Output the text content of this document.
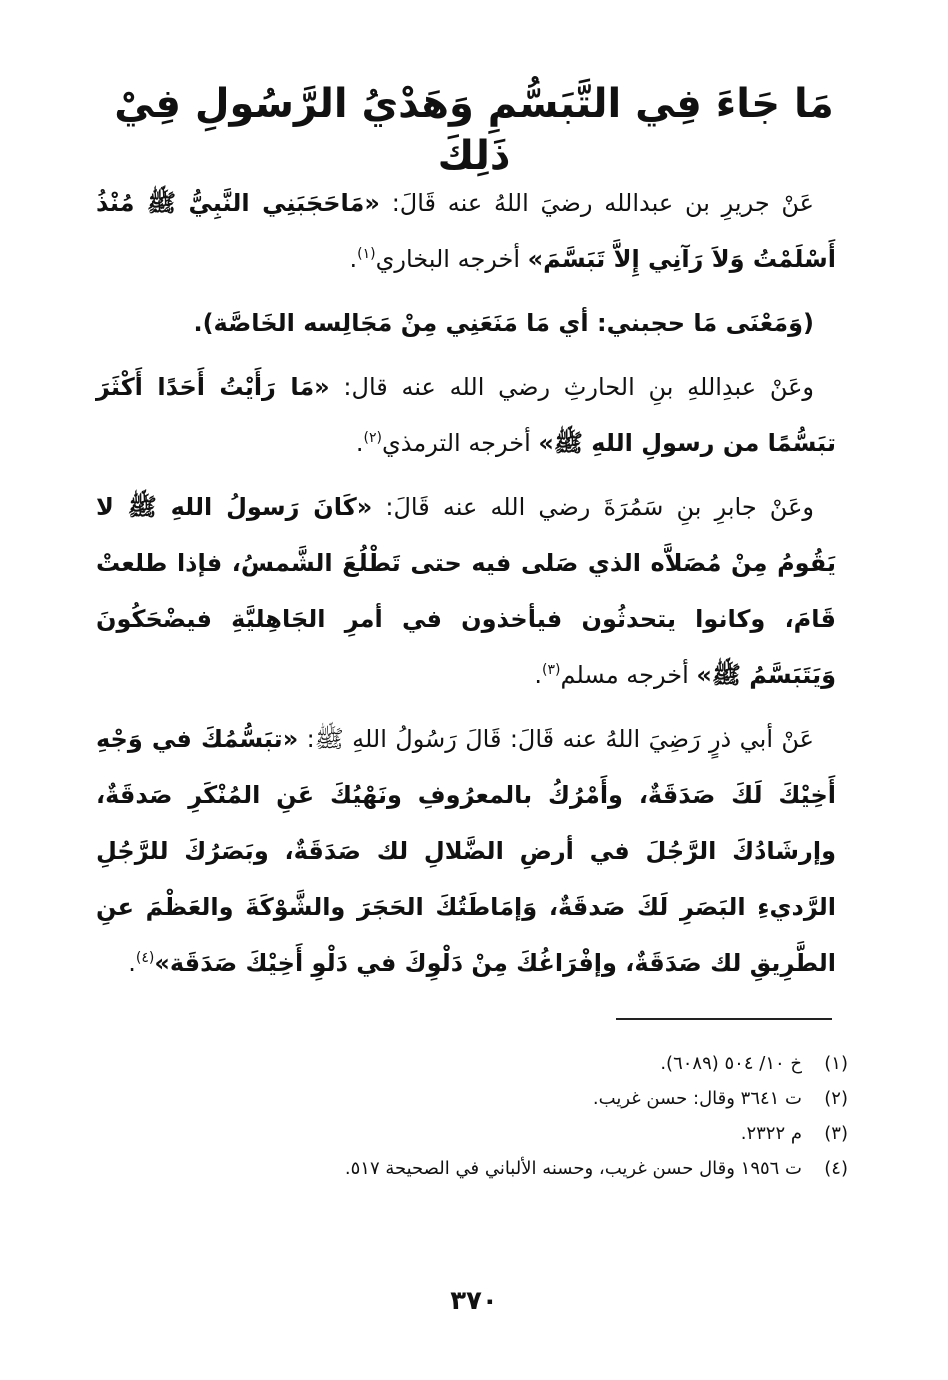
مَا جَاءَ فِي التَّبَسُّمِ وَهَدْيُ الرَّسُولِ فِيْ ذَلِكَ

عَنْ جريرِ بن عبدالله رضيَ اللهُ عنه قَالَ: «مَاحَجَبَنِي النَّبِيُّ ﷺ مُنْذُ أَسْلَمْتُ وَلاَ رَآنِي إِلاَّ تَبَسَّمَ» أخرجه البخاري$^{(١)}$.

(وَمَعْنَى مَا حجبني: أي مَا مَنَعَنِي مِنْ مَجَالِسه الخَاصَّة).

وعَنْ عبدِاللهِ بنِ الحارثِ رضي الله عنه قال: «مَا رَأَيْتُ أَحَدًا أَكْثَرَ تبَسُّمًا من رسولِ اللهِ ﷺ» أخرجه الترمذي$^{(٢)}$.

وعَنْ جابرِ بنِ سَمُرَةَ رضي الله عنه قَالَ: «كَانَ رَسولُ اللهِ ﷺ لا يَقُومُ مِنْ مُصَلاَّه الذي صَلى فيه حتى تَطْلُعَ الشَّمسُ، فإذا طلعتْ قَامَ، وكانوا يتحدثُون فيأخذون في أمرِ الجَاهِليَّةِ فيضْحَكُونَ وَيَتَبَسَّمُ ﷺ» أخرجه مسلم$^{(٣)}$.

عَنْ أبي ذرٍ رَضِيَ اللهُ عنه قَالَ: قَالَ رَسُولُ اللهِ ﷺ: «تبَسُّمُكَ في وَجْهِ أَخِيْكَ لَكَ صَدَقَةٌ، وأَمْرُكُ بالمعرُوفِ ونَهْيُكَ عَنِ المُنْكَرِ صَدقَةٌ، وإرشَادُكَ الرَّجُلَ في أرضِ الضَّلالِ لك صَدَقَةٌ، وبَصَرُكَ للرَّجُلِ الرَّديءِ البَصَرِ لَكَ صَدقَةٌ، وَإمَاطَتُكَ الحَجَرَ والشَّوْكَةَ والعَظْمَ عنِ الطَّرِيقِ لك صَدَقَةٌ، وإفْرَاغُكَ مِنْ دَلْوِكَ في دَلْوِ أَخِيْكَ صَدَقَة»$^{(٤)}$.

(١)خ ١٠/ ٥٠٤ (٦٠٨٩).
(٢)ت ٣٦٤١ وقال: حسن غريب.
(٣)م ٢٣٢٢.
(٤)ت ١٩٥٦ وقال حسن غريب، وحسنه الألباني في الصحيحة ٥١٧.
٣٧٠
